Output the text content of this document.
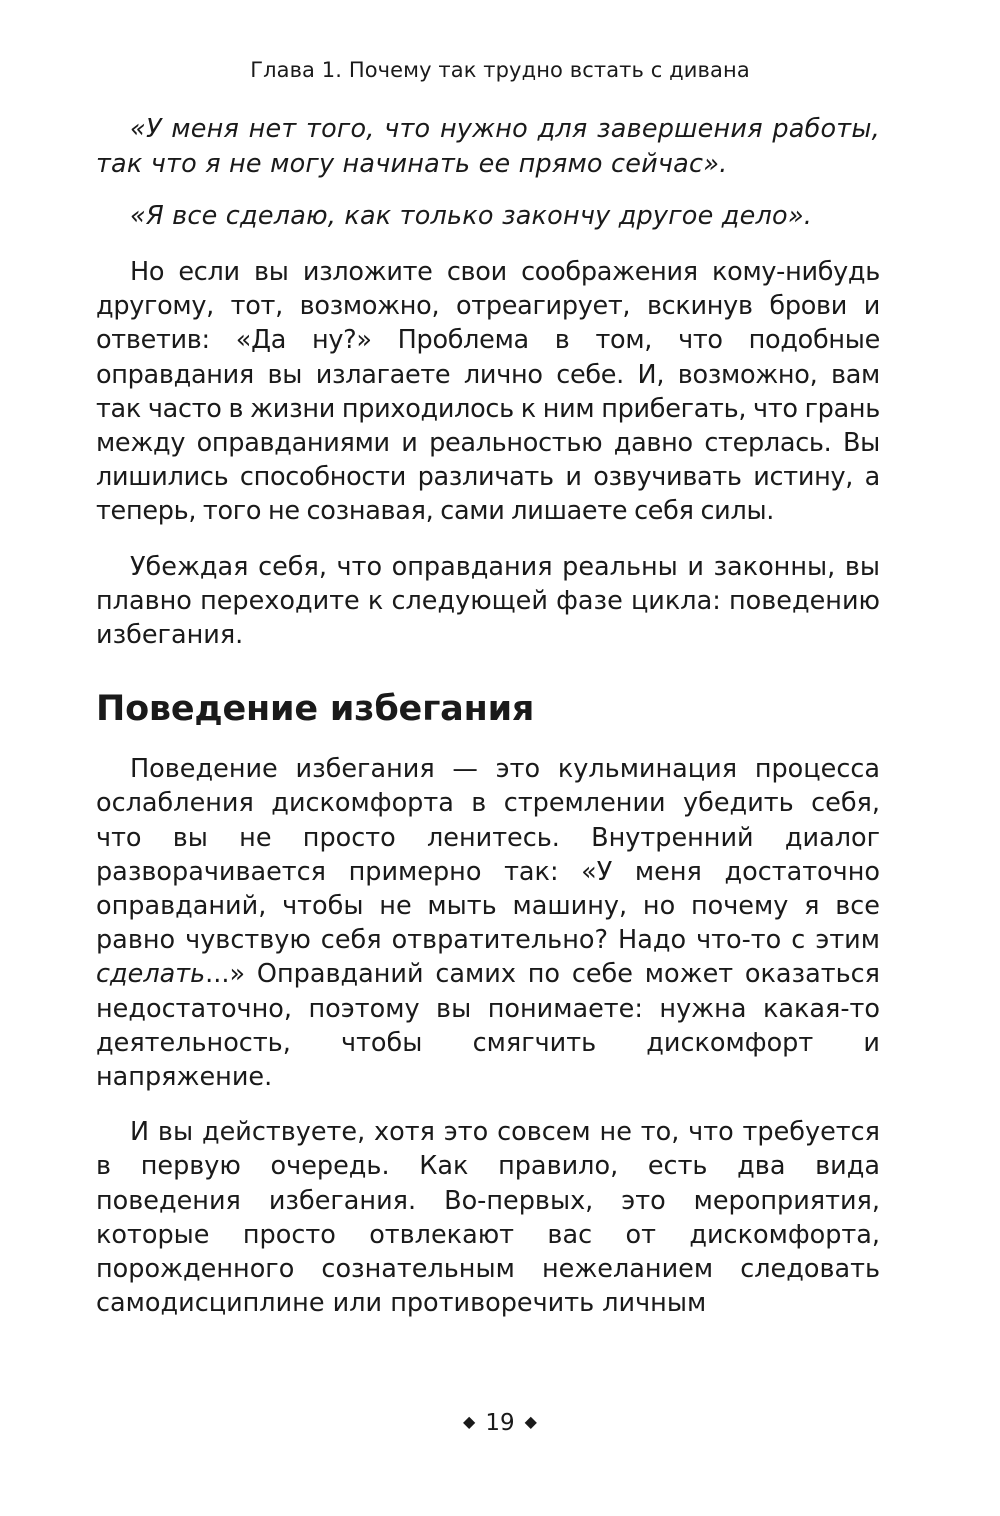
Глава 1. Почему так трудно встать с дивана

«У меня нет того, что нужно для завершения работы, так что я не могу начинать ее прямо сейчас».

«Я все сделаю, как только закончу другое дело».

Но если вы изложите свои соображения кому-нибудь другому, тот, возможно, отреагирует, вскинув брови и ответив: «Да ну?» Проблема в том, что подобные оправдания вы излагаете лично себе. И, возможно, вам так часто в жизни приходилось к ним прибегать, что грань между оправданиями и реальностью давно стерлась. Вы лишились способности различать и озвучивать истину, а теперь, того не сознавая, сами лишаете себя силы.

Убеждая себя, что оправдания реальны и законны, вы плавно переходите к следующей фазе цикла: поведению избегания.

Поведение избегания

Поведение избегания — это кульминация процесса ослабления дискомфорта в стремлении убедить себя, что вы не просто ленитесь. Внутренний диалог разворачивается примерно так: «У меня достаточно оправданий, чтобы не мыть машину, но почему я все равно чувствую себя отвратительно? Надо что-то с этим сделать...» Оправданий самих по себе может оказаться недостаточно, поэтому вы понимаете: нужна какая-то деятельность, чтобы смягчить дискомфорт и напряжение.

И вы действуете, хотя это совсем не то, что требуется в первую очередь. Как правило, есть два вида поведения избегания. Во-первых, это мероприятия, которые просто отвлекают вас от дискомфорта, порожденного сознательным нежеланием следовать самодисциплине или противоречить личным

◆ 19 ◆
